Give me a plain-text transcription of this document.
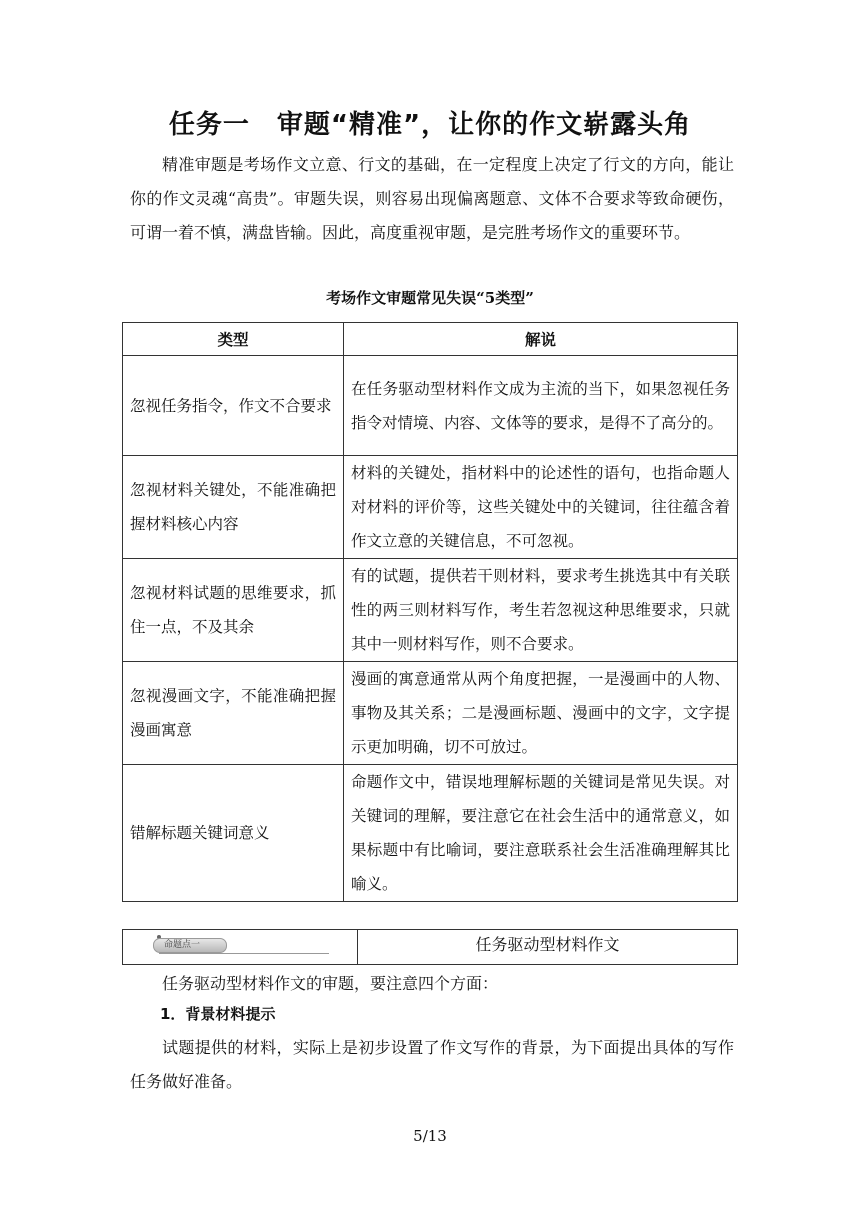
任务一　审题“精准”，让你的作文崭露头角
精准审题是考场作文立意、行文的基础，在一定程度上决定了行文的方向，能让你的作文灵魂“高贵”。审题失误，则容易出现偏离题意、文体不合要求等致命硬伤，可谓一着不慎，满盘皆输。因此，高度重视审题，是完胜考场作文的重要环节。
考场作文审题常见失误“5类型”
类型	解说
忽视任务指令，作文不合要求	在任务驱动型材料作文成为主流的当下，如果忽视任务指令对情境、内容、文体等的要求，是得不了高分的。
忽视材料关键处，不能准确把握材料核心内容	材料的关键处，指材料中的论述性的语句，也指命题人对材料的评价等，这些关键处中的关键词，往往蕴含着作文立意的关键信息，不可忽视。
忽视材料试题的思维要求，抓住一点，不及其余	有的试题，提供若干则材料，要求考生挑选其中有关联性的两三则材料写作，考生若忽视这种思维要求，只就其中一则材料写作，则不合要求。
忽视漫画文字，不能准确把握漫画寓意	漫画的寓意通常从两个角度把握，一是漫画中的人物、事物及其关系；二是漫画标题、漫画中的文字，文字提示更加明确，切不可放过。
错解标题关键词意义	命题作文中，错误地理解标题的关键词是常见失误。对关键词的理解，要注意它在社会生活中的通常意义，如果标题中有比喻词，要注意联系社会生活准确理解其比喻义。
命题点一	任务驱动型材料作文
任务驱动型材料作文的审题，要注意四个方面：
1．背景材料提示
试题提供的材料，实际上是初步设置了作文写作的背景，为下面提出具体的写作任务做好准备。
5/13
